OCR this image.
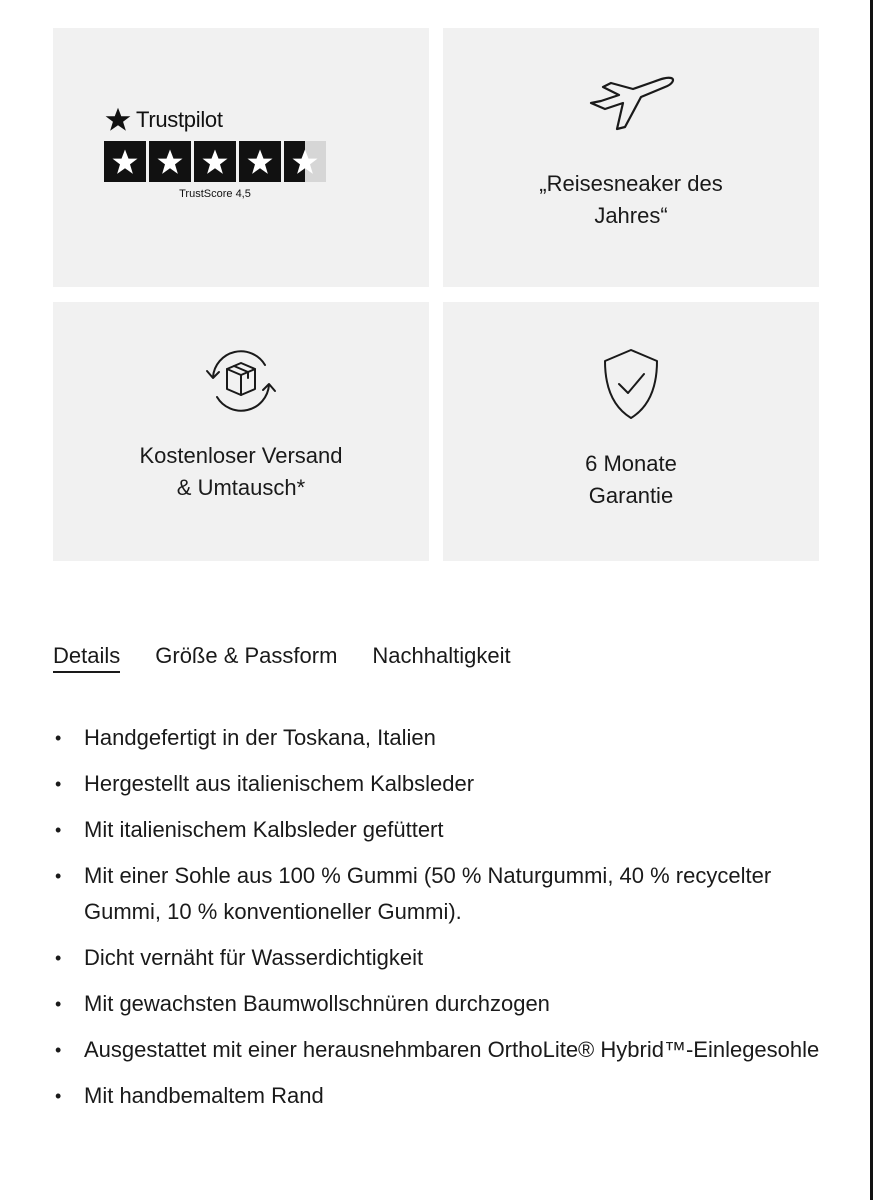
Trustpilot
TrustScore 4,5	„Reisesneaker des
Jahres“
Kostenloser Versand
& Umtausch*
6 Monate
Garantie
Details Größe & Passform Nachhaltigkeit
• Handgefertigt in der Toskana, Italien
• Hergestellt aus italienischem Kalbsleder
• Mit italienischem Kalbsleder gefüttert
• Mit einer Sohle aus 100 % Gummi (50 % Naturgummi, 40 % recycelter Gummi, 10 % konventioneller Gummi).
• Dicht vernäht für Wasserdichtigkeit
• Mit gewachsten Baumwollschnüren durchzogen
• Ausgestattet mit einer herausnehmbaren OrthoLite® Hybrid™-Einlegesohle
• Mit handbemaltem Rand
